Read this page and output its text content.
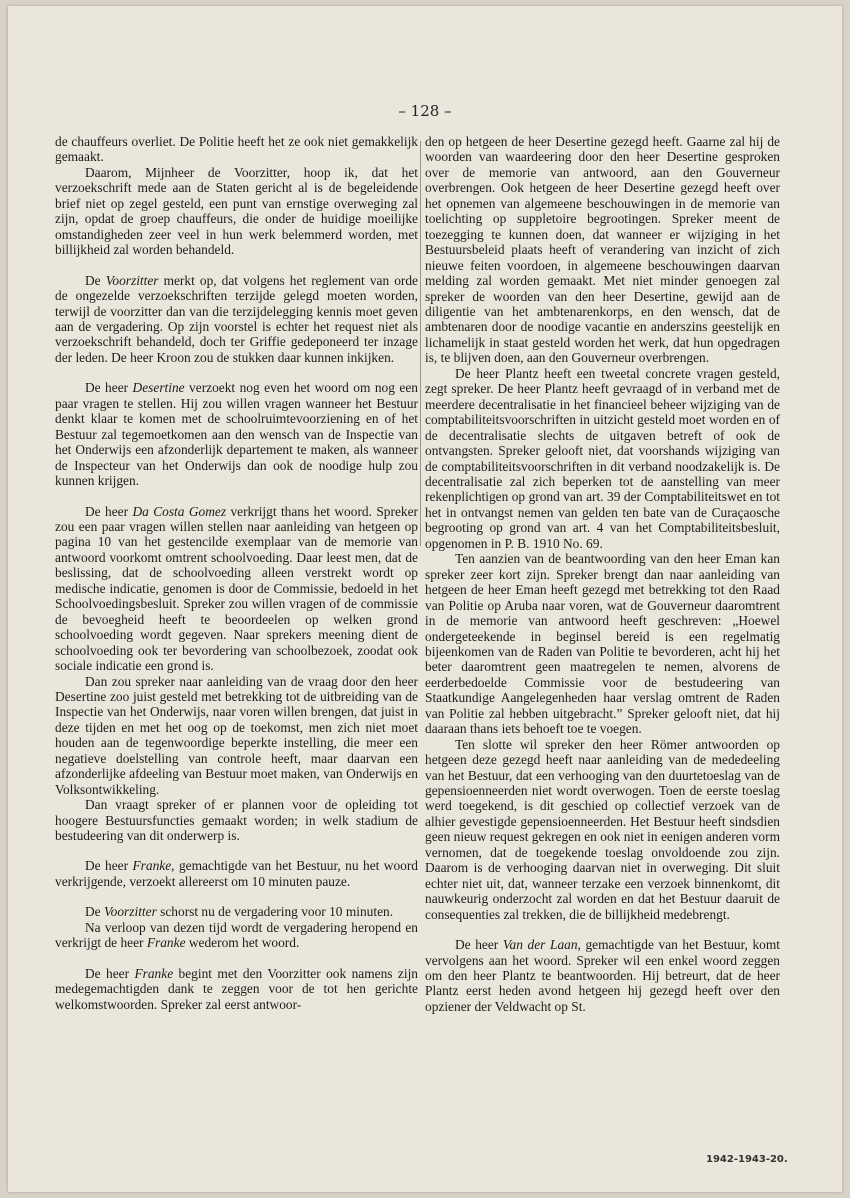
– 128 –

de chauffeurs overliet. De Politie heeft het ze ook niet gemakkelijk gemaakt.

Daarom, Mijnheer de Voorzitter, hoop ik, dat het verzoekschrift mede aan de Staten gericht al is de begeleidende brief niet op zegel gesteld, een punt van ernstige overweging zal zijn, opdat de groep chauffeurs, die onder de huidige moeilijke omstandigheden zeer veel in hun werk belemmerd worden, met billijkheid zal worden behandeld.

De Voorzitter merkt op, dat volgens het reglement van orde de ongezelde verzoekschriften terzijde gelegd moeten worden, terwijl de voorzitter dan van die terzijdelegging kennis moet geven aan de vergadering. Op zijn voorstel is echter het request niet als verzoekschrift behandeld, doch ter Griffie gedeponeerd ter inzage der leden. De heer Kroon zou de stukken daar kunnen inkijken.

De heer Desertine verzoekt nog even het woord om nog een paar vragen te stellen. Hij zou willen vragen wanneer het Bestuur denkt klaar te komen met de schoolruimtevoorziening en of het Bestuur zal tegemoetkomen aan den wensch van de Inspectie van het Onderwijs een afzonderlijk departement te maken, als wanneer de Inspecteur van het Onderwijs dan ook de noodige hulp zou kunnen krijgen.

De heer Da Costa Gomez verkrijgt thans het woord. Spreker zou een paar vragen willen stellen naar aanleiding van hetgeen op pagina 10 van het gestencilde exemplaar van de memorie van antwoord voorkomt omtrent schoolvoeding. Daar leest men, dat de beslissing, dat de schoolvoeding alleen verstrekt wordt op medische indicatie, genomen is door de Commissie, bedoeld in het Schoolvoedingsbesluit. Spreker zou willen vragen of de commissie de bevoegheid heeft te beoordeelen op welken grond schoolvoeding wordt gegeven. Naar sprekers meening dient de schoolvoeding ook ter bevordering van schoolbezoek, zoodat ook sociale indicatie een grond is.

Dan zou spreker naar aanleiding van de vraag door den heer Desertine zoo juist gesteld met betrekking tot de uitbreiding van de Inspectie van het Onderwijs, naar voren willen brengen, dat juist in deze tijden en met het oog op de toekomst, men zich niet moet houden aan de tegenwoordige beperkte instelling, die meer een negatieve doelstelling van controle heeft, maar daarvan een afzonderlijke afdeeling van Bestuur moet maken, van Onderwijs en Volksontwikkeling.

Dan vraagt spreker of er plannen voor de opleiding tot hoogere Bestuursfuncties gemaakt worden; in welk stadium de bestudeering van dit onderwerp is.

De heer Franke, gemachtigde van het Bestuur, nu het woord verkrijgende, verzoekt allereerst om 10 minuten pauze.

De Voorzitter schorst nu de vergadering voor 10 minuten.

Na verloop van dezen tijd wordt de vergadering heropend en verkrijgt de heer Franke wederom het woord.

De heer Franke begint met den Voorzitter ook namens zijn medegemachtigden dank te zeggen voor de tot hen gerichte welkomstwoorden. Spreker zal eerst antwoor-

den op hetgeen de heer Desertine gezegd heeft. Gaarne zal hij de woorden van waardeering door den heer Desertine gesproken over de memorie van antwoord, aan den Gouverneur overbrengen. Ook hetgeen de heer Desertine gezegd heeft over het opnemen van algemeene beschouwingen in de memorie van toelichting op suppletoire begrootingen. Spreker meent de toezegging te kunnen doen, dat wanneer er wijziging in het Bestuursbeleid plaats heeft of verandering van inzicht of zich nieuwe feiten voordoen, in algemeene beschouwingen daarvan melding zal worden gemaakt. Met niet minder genoegen zal spreker de woorden van den heer Desertine, gewijd aan de diligentie van het ambtenarenkorps, en den wensch, dat de ambtenaren door de noodige vacantie en anderszins geestelijk en lichamelijk in staat gesteld worden het werk, dat hun opgedragen is, te blijven doen, aan den Gouverneur overbrengen.

De heer Plantz heeft een tweetal concrete vragen gesteld, zegt spreker. De heer Plantz heeft gevraagd of in verband met de meerdere decentralisatie in het financieel beheer wijziging van de comptabiliteitsvoorschriften in uitzicht gesteld moet worden en of de decentralisatie slechts de uitgaven betreft of ook de ontvangsten. Spreker gelooft niet, dat voorshands wijziging van de comptabiliteitsvoorschriften in dit verband noodzakelijk is. De decentralisatie zal zich beperken tot de aanstelling van meer rekenplichtigen op grond van art. 39 der Comptabiliteitswet en tot het in ontvangst nemen van gelden ten bate van de Curaçaosche begrooting op grond van art. 4 van het Comptabiliteitsbesluit, opgenomen in P. B. 1910 No. 69.

Ten aanzien van de beantwoording van den heer Eman kan spreker zeer kort zijn. Spreker brengt dan naar aanleiding van hetgeen de heer Eman heeft gezegd met betrekking tot den Raad van Politie op Aruba naar voren, wat de Gouverneur daaromtrent in de memorie van antwoord heeft geschreven: „Hoewel ondergeteekende in beginsel bereid is een regelmatig bijeenkomen van de Raden van Politie te bevorderen, acht hij het beter daaromtrent geen maatregelen te nemen, alvorens de eerderbedoelde Commissie voor de bestudeering van Staatkundige Aangelegenheden haar verslag omtrent de Raden van Politie zal hebben uitgebracht.” Spreker gelooft niet, dat hij daaraan thans iets behoeft toe te voegen.

Ten slotte wil spreker den heer Römer antwoorden op hetgeen deze gezegd heeft naar aanleiding van de mededeeling van het Bestuur, dat een verhooging van den duurtetoeslag van de gepensioenneerden niet wordt overwogen. Toen de eerste toeslag werd toegekend, is dit geschied op collectief verzoek van de alhier gevestigde gepensioenneerden. Het Bestuur heeft sindsdien geen nieuw request gekregen en ook niet in eenigen anderen vorm vernomen, dat de toegekende toeslag onvoldoende zou zijn. Daarom is de verhooging daarvan niet in overweging. Dit sluit echter niet uit, dat, wanneer terzake een verzoek binnenkomt, dit nauwkeurig onderzocht zal worden en dat het Bestuur daaruit de consequenties zal trekken, die de billijkheid medebrengt.

De heer Van der Laan, gemachtigde van het Bestuur, komt vervolgens aan het woord. Spreker wil een enkel woord zeggen om den heer Plantz te beantwoorden. Hij betreurt, dat de heer Plantz eerst heden avond hetgeen hij gezegd heeft over den opziener der Veldwacht op St.

1942-1943-20.
